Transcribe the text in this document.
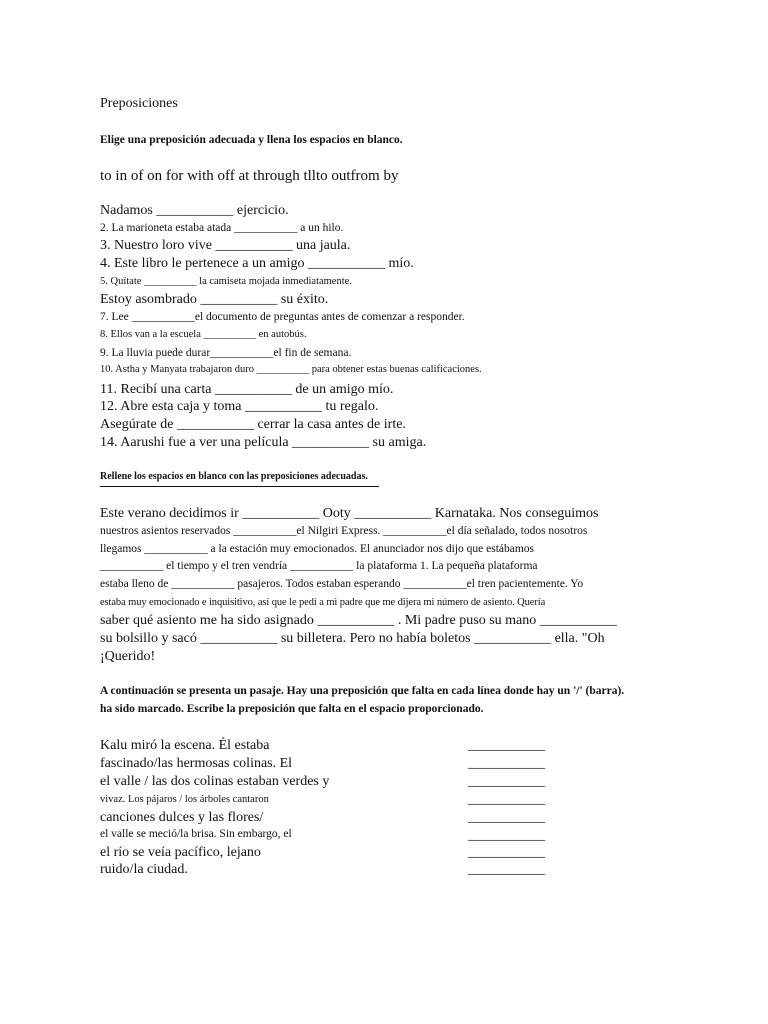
Preposiciones
Elige una preposición adecuada y llena los espacios en blanco.
to in of on for with off at through tllto outfrom by
Nadamos ___________ ejercicio.
2. La marioneta estaba atada ___________ a un hilo.
3. Nuestro loro vive ___________ una jaula.
4. Este libro le pertenece a un amigo ___________ mío.
5. Quítate __________ la camiseta mojada inmediatamente.
Estoy asombrado ___________ su éxito.
7. Lee ___________el documento de preguntas antes de comenzar a responder.
8. Ellos van a la escuela __________ en autobús.
9. La lluvia puede durar___________el fin de semana.
10. Astha y Manyata trabajaron duro __________ para obtener estas buenas calificaciones.
11. Recibí una carta ___________ de un amigo mío.
12. Abre esta caja y toma ___________ tu regalo.
Asegúrate de ___________ cerrar la casa antes de irte.
14. Aarushi fue a ver una película ___________ su amiga.
Rellene los espacios en blanco con las preposiciones adecuadas.
Este verano decidimos ir ___________ Ooty ___________ Karnataka. Nos conseguimos
nuestros asientos reservados ___________el Nilgiri Express. ___________el día señalado, todos nosotros
llegamos ___________ a la estación muy emocionados. El anunciador nos dijo que estábamos
___________ el tiempo y el tren vendría ___________ la plataforma 1. La pequeña plataforma
estaba lleno de ___________ pasajeros. Todos estaban esperando ___________el tren pacientemente. Yo
estaba muy emocionado e inquisitivo, así que le pedí a mi padre que me dijera mi número de asiento. Quería
saber qué asiento me ha sido asignado ___________ . Mi padre puso su mano ___________
su bolsillo y sacó ___________ su billetera. Pero no había boletos ___________ ella. "Oh
¡Querido!
A continuación se presenta un pasaje. Hay una preposición que falta en cada línea donde hay un '/' (barra).
ha sido marcado. Escribe la preposición que falta en el espacio proporcionado.
Kalu miró la escena. Él estaba
fascinado/las hermosas colinas. El
el valle / las dos colinas estaban verdes y
vivaz. Los pájaros / los árboles cantaron
canciones dulces y las flores/
el valle se meció/la brisa. Sin embargo, el
el río se veía pacífico, lejano
ruido/la ciudad.
___________
___________
___________
___________
___________
___________
___________
___________
